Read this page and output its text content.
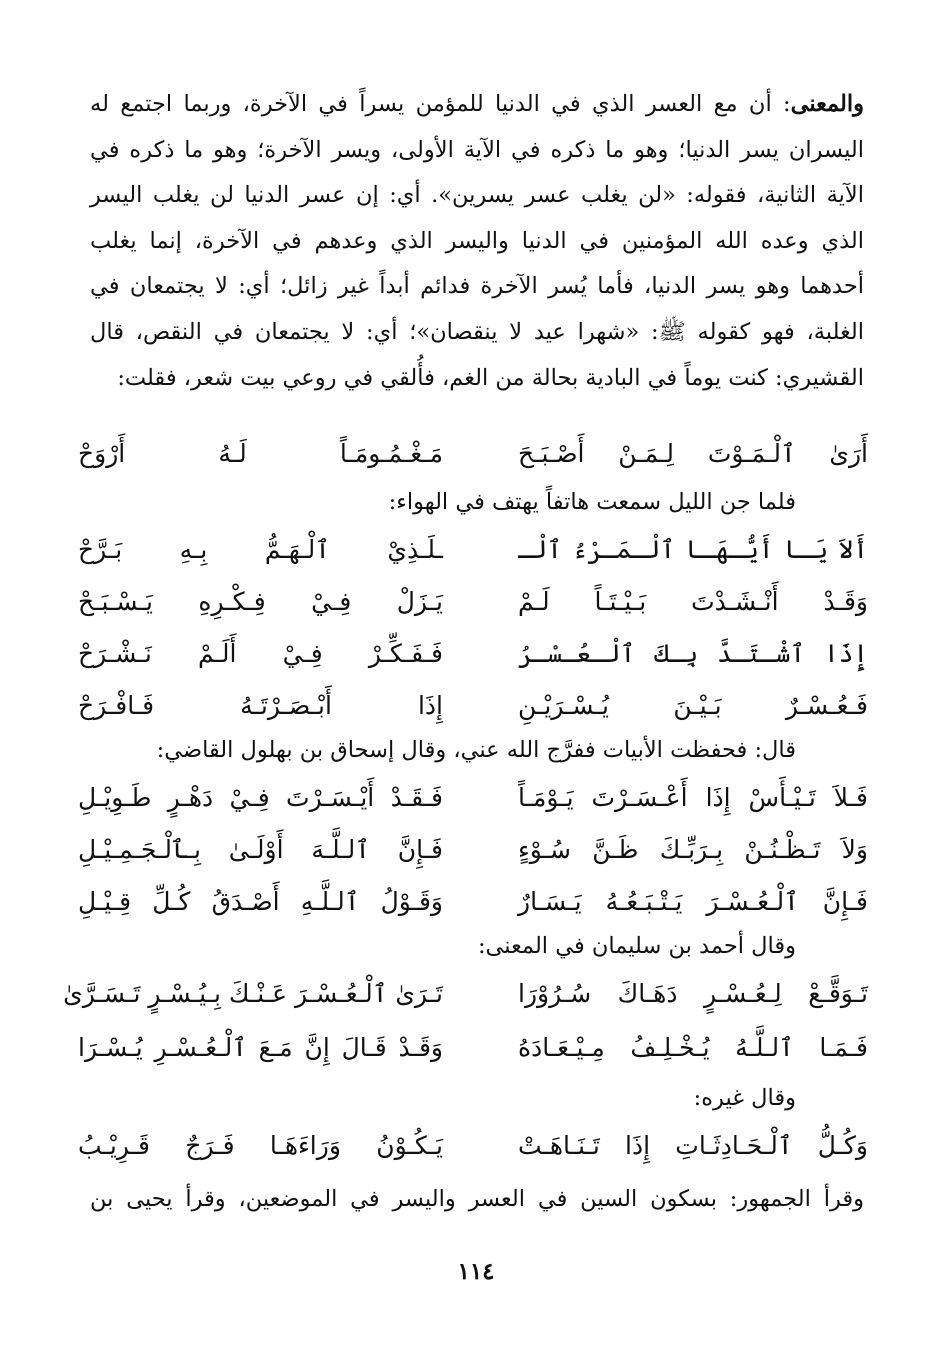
والمعنى: أن مع العسر الذي في الدنيا للمؤمن يسراً في الآخرة، وربما اجتمع له اليسران يسر الدنيا؛ وهو ما ذكره في الآية الأولى، ويسر الآخرة؛ وهو ما ذكره في الآية الثانية، فقوله: «لن يغلب عسر يسرين». أي: إن عسر الدنيا لن يغلب اليسر الذي وعده الله المؤمنين في الدنيا واليسر الذي وعدهم في الآخرة، إنما يغلب أحدهما وهو يسر الدنيا، فأما يُسر الآخرة فدائم أبداً غير زائل؛ أي: لا يجتمعان في الغلبة، فهو كقوله ﷺ: «شهرا عيد لا ينقصان»؛ أي: لا يجتمعان في النقص، قال القشيري: كنت يوماً في البادية بحالة من الغم، فأُلقي في روعي بيت شعر، فقلت:
أَرَىٰ ٱلْـمَـوْتَ لِـمَـنْ أَصْـبَـحَ
مَـغْـمُـومَـاً لَـهُ أَرْوَحْ
فلما جن الليل سمعت هاتفاً يهتف في الهواء:
أَلاَ يَـا أَيُّـهَـا ٱلْـمَـرْءُ ٱلْـ
ـلَـذِيْ ٱلْـهَـمُّ بِـهِ بَـرَّحْ
وَقَـدْ أَنْـشَـدْتَ بَـيْـتَـاً لَـمْ
يَـزَلْ فِـيْ فِـكْـرِهِ يَـسْـبَـحْ
إِذَا ٱشْـتَـدَّ بِـكَ ٱلْـعُـسْـرُ
فَـفَـكِّـرْ فِـيْ أَلَـمْ نَـشْـرَحْ
فَـعُـسْـرٌ بَـيْـنَ يُـسْـرَيْـنِ
إِذَا أَبْـصَـرْتَـهُ فَـافْـرَحْ
قال: فحفظت الأبيات ففرَّج الله عني، وقال إسحاق بن بهلول القاضي:
فَـلاَ تَـيْـأَسْ إِذَا أَعْـسَـرْتَ يَـوْمَـاً
فَـقَـدْ أَيْـسَـرْتَ فِـيْ دَهْـرٍ طَـوِيْـلِ
وَلاَ تَـظْـنُـنْ بِـرَبِّـكَ ظَـنَّ سُـوْءٍ
فَـإِنَّ ٱلـلَّـهَ أَوْلَـىٰ بِـٱلْـجَـمِـيْـلِ
فَـإِنَّ ٱلْـعُـسْـرَ يَـتْـبَـعُـهُ يَـسَـارٌ
وَقَـوْلُ ٱلـلَّـهِ أَصْـدَقُ كُـلِّ قِـيْـلِ
وقال أحمد بن سليمان في المعنى:
تَـوَقَّـعْ لِـعُـسْـرٍ دَهَـاكَ سُـرُوْرَا
تَـرَىٰ ٱلْـعُـسْـرَ عَـنْـكَ بِـيُـسْـرٍ تَـسَـرَّىٰ
فَـمَـا ٱلـلَّـهُ يُـخْـلِـفُ مِـيْـعَـادَهُ
وَقَـدْ قَـالَ إِنَّ مَـعَ ٱلْـعُـسْـرِ يُـسْـرَا
وقال غيره:
وَكُـلُّ ٱلْـحَـادِثَـاتِ إِذَا تَـنَـاهَـتْ
يَـكُـوْنُ وَرَاءَهَـا فَـرَجٌ قَـرِيْـبُ
وقرأ الجمهور: بسكون السين في العسر واليسر في الموضعين، وقرأ يحيى بن
١١٤
